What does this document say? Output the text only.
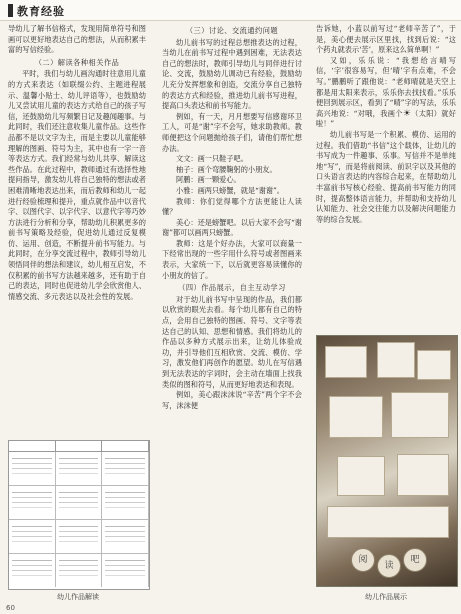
教育经验

导幼儿了解书信格式，发现用简单符号和图画可以更好地表达自己的想法，从而积累丰富的写信经验。

（二）解读各种相关作品

平时，我们与幼儿画沟通时往意用儿童的方式来表达（如联缀公约、主题进程展示、温馨小贴士、幼儿评语等），也鼓励幼儿又尝试用儿童的表达方式给自己的孩子写信，还鼓励幼儿写频繁日记及趣闻趣事。与此同时，我们还注意收集儿童作品。这些作品都不是以文字为主，而是主要以儿童能够理解的图画、符号为主，其中也有一字一音等表达方式。我们经常与幼儿共享、解读这些作品。在此过程中，教师通过有选择性地提问指导，激发幼儿将自己独特的想法或者困难清晰地表达出来，而后教师和幼儿一起进行经验梳理和提升，重点就作品中以音代字、以图代字、以字代字、以意代字等巧妙方法进行分析和分享，帮助幼儿积累更多的前书写策略及经验，促进幼儿通过反复模仿、运用、创造，不断提升前书写能力。与此同时，在分享交流过程中，教师引导幼儿领悟同伴的想法和建议，幼儿相互启发，不仅积累的前书写方法越来越多，还有助于自己的表达，同时也促进幼儿学会欣赏他人、情感交流、多元表达以及社会性的发展。

幼儿作品解读
（三）讨论、交流通约问题

幼儿前书写的过程总想推表达的过程，当幼儿在前书写过程中遇到困难，无法表达自己的想法时，教师引导幼儿与同伴进行讨论、交流，鼓励幼儿调动已有经验，鼓励幼儿充分发挥想象和创造，交流分享自己独特的表达方式和经验，推进幼儿前书写进程，提高口头表达和前书写能力。

例如，有一天，月月想要写信感谢环卫工人，可是“谢”字不会写，她求助教师。教师便把这个问题抛给孩子们，请他们帮忙想办法。

文文：画一只鞋子吧。

柚子：画个弯腰鞠躬的小朋友。

阿鹏：画一颗爱心。

小雅：画两只螃蟹，就是“谢谢”。

教师：你们觉得哪个方法更能让人读懂？

美心：还是螃蟹吧。以后大家不会写“谢谢”都可以画两只螃蟹。

教师：这是个好办法，大家可以商量一下经常出现的一些字用什么符号或者图画来表示，大家统一下，以后就更容易读懂你的小朋友的信了。

（四）作品展示，自主互动学习

对于幼儿前书写中呈现的作品，我们都以欣赏的眼光去看。每个幼儿都有自己的特点，会用自己独特的图画、符号、文字等表达自己的认知、思想和情感。我们将幼儿的作品以多种方式展示出来，让幼儿体验成功，并引导他们互相欣赏、交流、模仿、学习，激发他们再创作的愿望。幼儿在写信遇到无法表达的字词时，会主动在墙面上找我类似的图和符号，从而更好地表达和表现。

例如，美心跟沫沫说“辛苦”两个字不会写，沫沫便

告诉她，小蓝以前写过“老师辛苦了”，于是，美心便去展示区里找，找到后说：“这个药丸就表示‘苦’，原来这么简单啊！”

又如，乐乐说：“我想给言晴写信，‘字’很容易写，但‘晴’字有点难，不会写。”鹏鹏听了跟他说：“老师晴就是天空上都是用太阳来表示，乐乐你去找找看。”乐乐便回到展示区，看到了“晴”字的写法，乐乐高兴地说：“对哦，我画个☀（太阳）就好啦！”

幼儿前书写是一个积累、模仿、运用的过程。我们借助“书信”这个载体，让幼儿的书写成为一件趣事、乐事。写信并不是单纯地“写”，而是将前阅读、前识字以及其他的口头语言表达的内容综合起来，在帮助幼儿丰富前书写核心经验、提高前书写能力的同时，提高整体语言能力，并帮助和支持幼儿认知能力、社会交往能力以及解决问题能力等的综合发展。

阅
读
吧
幼儿作品展示
60
